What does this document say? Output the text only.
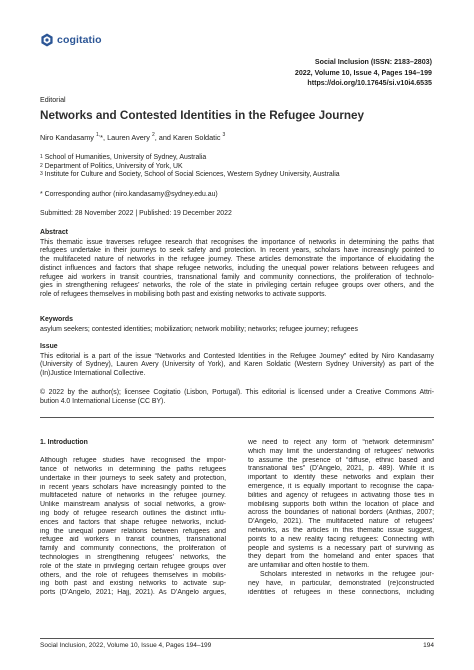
cogitatio
Social Inclusion (ISSN: 2183–2803)
2022, Volume 10, Issue 4, Pages 194–199
https://doi.org/10.17645/si.v10i4.6535
Editorial
Networks and Contested Identities in the Refugee Journey
Niro Kandasamy $^{1,}$*, Lauren Avery $^2$, and Karen Soldatic $^3$
$^1$ School of Humanities, University of Sydney, Australia
$^2$ Department of Politics, University of York, UK
$^3$ Institute for Culture and Society, School of Social Sciences, Western Sydney University, Australia
* Corresponding author (niro.kandasamy@sydney.edu.au)
Submitted: 28 November 2022 | Published: 19 December 2022
Abstract
This thematic issue traverses refugee research that recognises the importance of networks in determining the paths that
refugees undertake in their journeys to seek safety and protection. In recent years, scholars have increasingly pointed to
the multifaceted nature of networks in the refugee journey. These articles demonstrate the importance of elucidating the
distinct influences and factors that shape refugee networks, including the unequal power relations between refugees and
refugee aid workers in transit countries, transnational family and community connections, the proliferation of technolo-
gies in strengthening refugees’ networks, the role of the state in privileging certain refugee groups over others, and the
role of refugees themselves in mobilising both past and existing networks to activate supports.
Keywords
asylum seekers; contested identities; mobilization; network mobility; networks; refugee journey; refugees
Issue
This editorial is a part of the issue “Networks and Contested Identities in the Refugee Journey” edited by Niro Kandasamy
(University of Sydney), Lauren Avery (University of York), and Karen Soldatic (Western Sydney University) as part of the
(In)Justice International Collective.
© 2022 by the author(s); licensee Cogitatio (Lisbon, Portugal). This editorial is licensed under a Creative Commons Attri-
bution 4.0 International License (CC BY).
1. Introduction
Although refugee studies have recognised the impor-
tance of networks in determining the paths refugees
undertake in their journeys to seek safety and protection,
in recent years scholars have increasingly pointed to the
multifaceted nature of networks in the refugee journey.
Unlike mainstream analysis of social networks, a grow-
ing body of refugee research outlines the distinct influ-
ences and factors that shape refugee networks, includ-
ing the unequal power relations between refugees and
refugee aid workers in transit countries, transnational
family and community connections, the proliferation of
technologies in strengthening refugees’ networks, the
role of the state in privileging certain refugee groups over
others, and the role of refugees themselves in mobilis-
ing both past and existing networks to activate sup-
ports (D’Angelo, 2021; Hajj, 2021). As D’Angelo argues,
we need to reject any form of “network determinism”
which may limit the understanding of refugees’ networks
to assume the presence of “diffuse, ethnic based and
transnational ties” (D’Angelo, 2021, p. 489). While it is
important to identify these networks and explain their
emergence, it is equally important to recognise the capa-
bilities and agency of refugees in activating those ties in
mobilising supports both within the location of place and
across the boundaries of national borders (Anthias, 2007;
D’Angelo, 2021). The multifaceted nature of refugees’
networks, as the articles in this thematic issue suggest,
points to a new reality facing refugees: Connecting with
people and systems is a necessary part of surviving as
they depart from the homeland and enter spaces that
are unfamiliar and often hostile to them.
Scholars interested in networks in the refugee jour-
ney have, in particular, demonstrated (re)constructed
identities of refugees in these connections, including
Social Inclusion, 2022, Volume 10, Issue 4, Pages 194–199	194
